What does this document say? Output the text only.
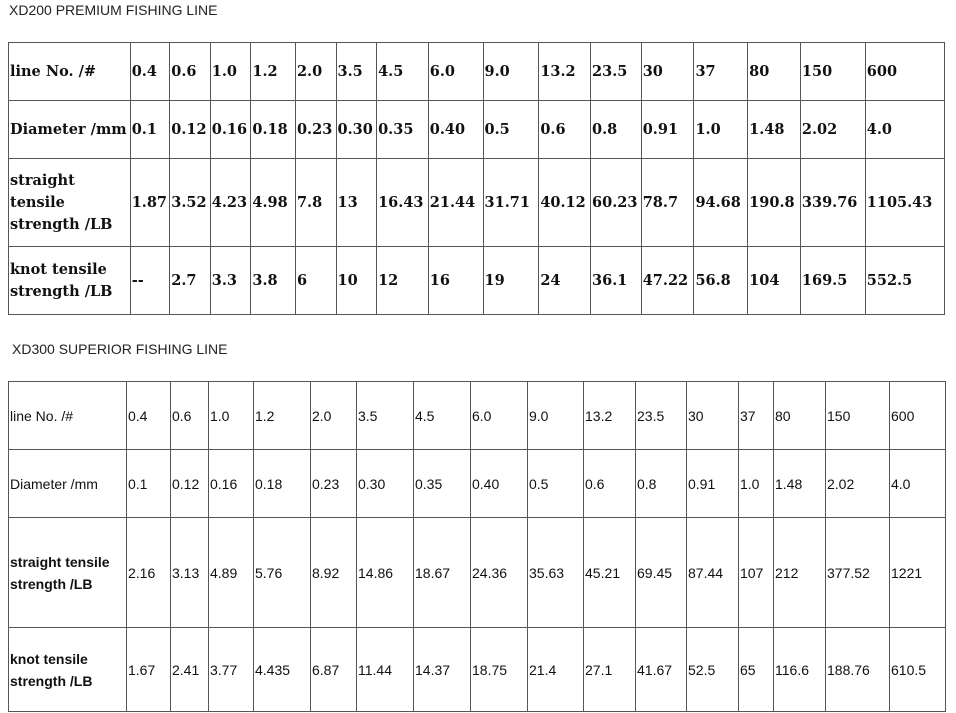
XD200 PREMIUM FISHING LINE
line No. /#	0.4	0.6	1.0	1.2	2.0	3.5	4.5	6.0	9.0	13.2	23.5	30	37	80	150	600
Diameter /mm	0.1	0.12	0.16	0.18	0.23	0.30	0.35	0.40	0.5	0.6	0.8	0.91	1.0	1.48	2.02	4.0
straight tensile strength /LB	1.87	3.52	4.23	4.98	7.8	13	16.43	21.44	31.71	40.12	60.23	78.7	94.68	190.8	339.76	1105.43
knot tensile strength /LB	--	2.7	3.3	3.8	6	10	12	16	19	24	36.1	47.22	56.8	104	169.5	552.5
XD300 SUPERIOR FISHING LINE
line No. /#	0.4	0.6	1.0	1.2	2.0	3.5	4.5	6.0	9.0	13.2	23.5	30	37	80	150	600
Diameter /mm	0.1	0.12	0.16	0.18	0.23	0.30	0.35	0.40	0.5	0.6	0.8	0.91	1.0	1.48	2.02	4.0
straight tensile strength /LB	2.16	3.13	4.89	5.76	8.92	14.86	18.67	24.36	35.63	45.21	69.45	87.44	107	212	377.52	1221
knot tensile strength /LB	1.67	2.41	3.77	4.435	6.87	11.44	14.37	18.75	21.4	27.1	41.67	52.5	65	116.6	188.76	610.5
